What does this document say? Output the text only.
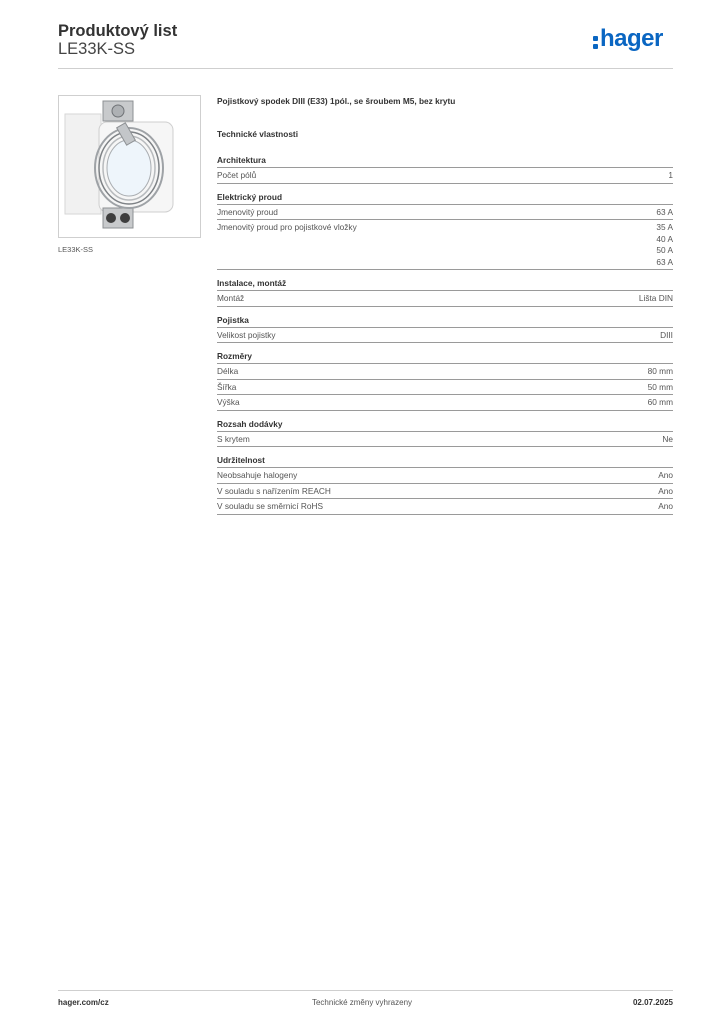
Produktový list
LE33K-SS	hager
LE33K-SS
Pojistkový spodek DIII (E33) 1pól., se šroubem M5, bez krytu
Technické vlastnosti
Architektura
Počet pólů	1
Elektrický proud
Jmenovitý proud	63 A
Jmenovitý proud pro pojistkové vložky	35 A
40 A
50 A
63 A
Instalace, montáž
Montáž	Lišta DIN
Pojistka
Velikost pojistky	DIII
Rozměry
Délka	80 mm
Šířka	50 mm
Výška	60 mm
Rozsah dodávky
S krytem	Ne
Udržitelnost
Neobsahuje halogeny	Ano
V souladu s nařízením REACH	Ano
V souladu se směrnicí RoHS	Ano
hager.com/cz	Technické změny vyhrazeny	02.07.2025
